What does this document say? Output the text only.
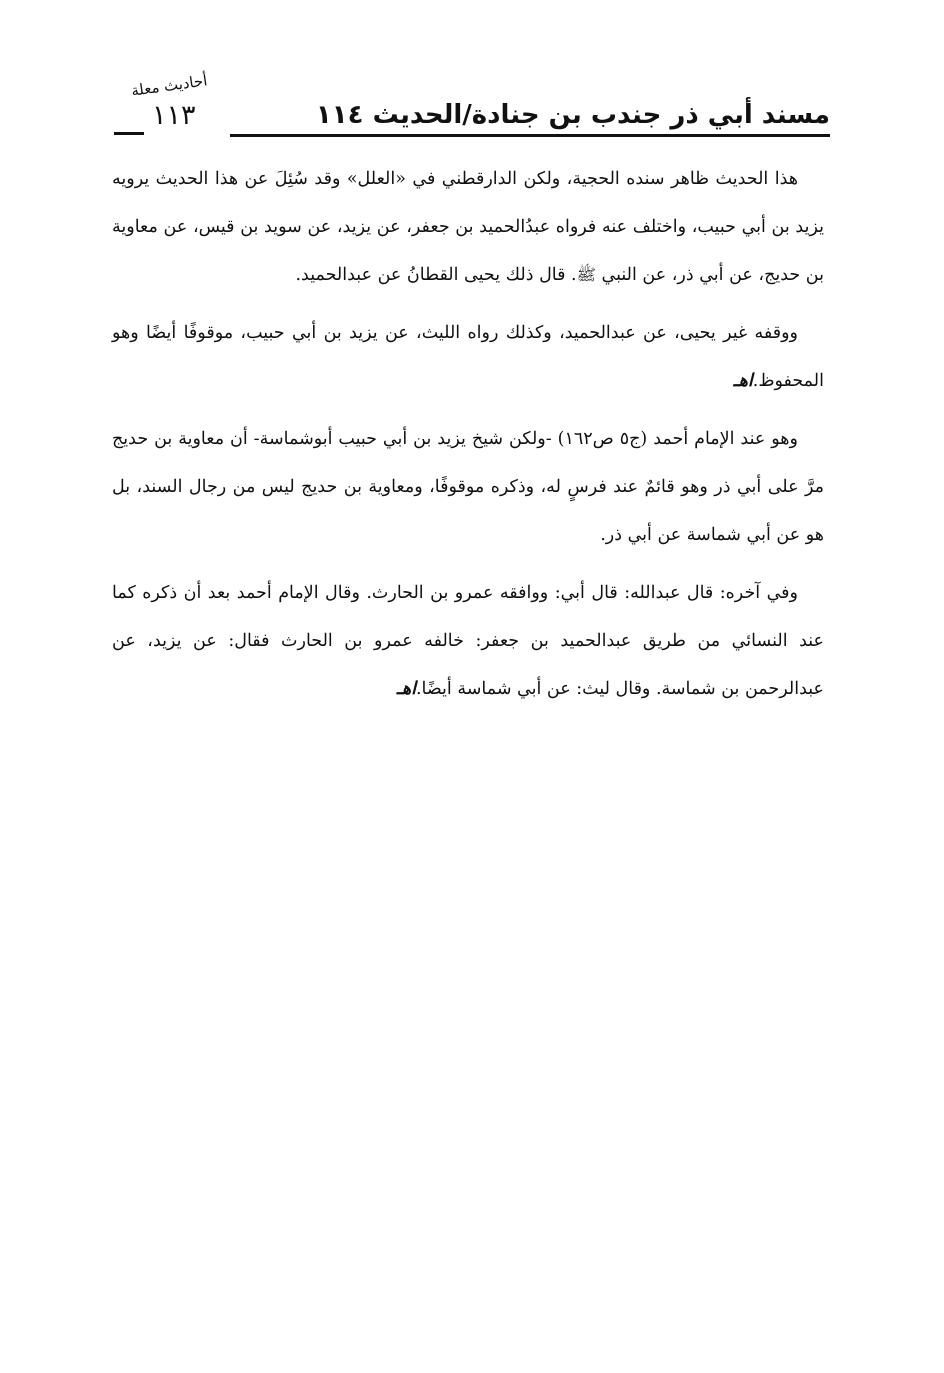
مسند أبي ذر جندب بن جنادة/الحديث ١١٤
أحاديث معلة
١١٣

هذا الحديث ظاهر سنده الحجية، ولكن الدارقطني في «العلل» وقد سُئِلَ عن هذا الحديث يرويه يزيد بن أبي حبيب، واختلف عنه فرواه عبدُالحميد بن جعفر، عن يزيد، عن سويد بن قيس، عن معاوية بن حديج، عن أبي ذر، عن النبي ﷺ. قال ذلك يحيى القطانُ عن عبدالحميد.

ووقفه غير يحيى، عن عبدالحميد، وكذلك رواه الليث، عن يزيد بن أبي حبيب، موقوفًا أيضًا وهو المحفوظ.اهـ

وهو عند الإمام أحمد (ج٥ ص١٦٢) -ولكن شيخ يزيد بن أبي حبيب أبوشماسة- أن معاوية بن حديج مرَّ على أبي ذر وهو قائمٌ عند فرسٍ له، وذكره موقوفًا، ومعاوية بن حديج ليس من رجال السند، بل هو عن أبي شماسة عن أبي ذر.

وفي آخره: قال عبدالله: قال أبي: ووافقه عمرو بن الحارث. وقال الإمام أحمد بعد أن ذكره كما عند النسائي من طريق عبدالحميد بن جعفر: خالفه عمرو بن الحارث فقال: عن يزيد، عن عبدالرحمن بن شماسة. وقال ليث: عن أبي شماسة أيضًا.اهـ
